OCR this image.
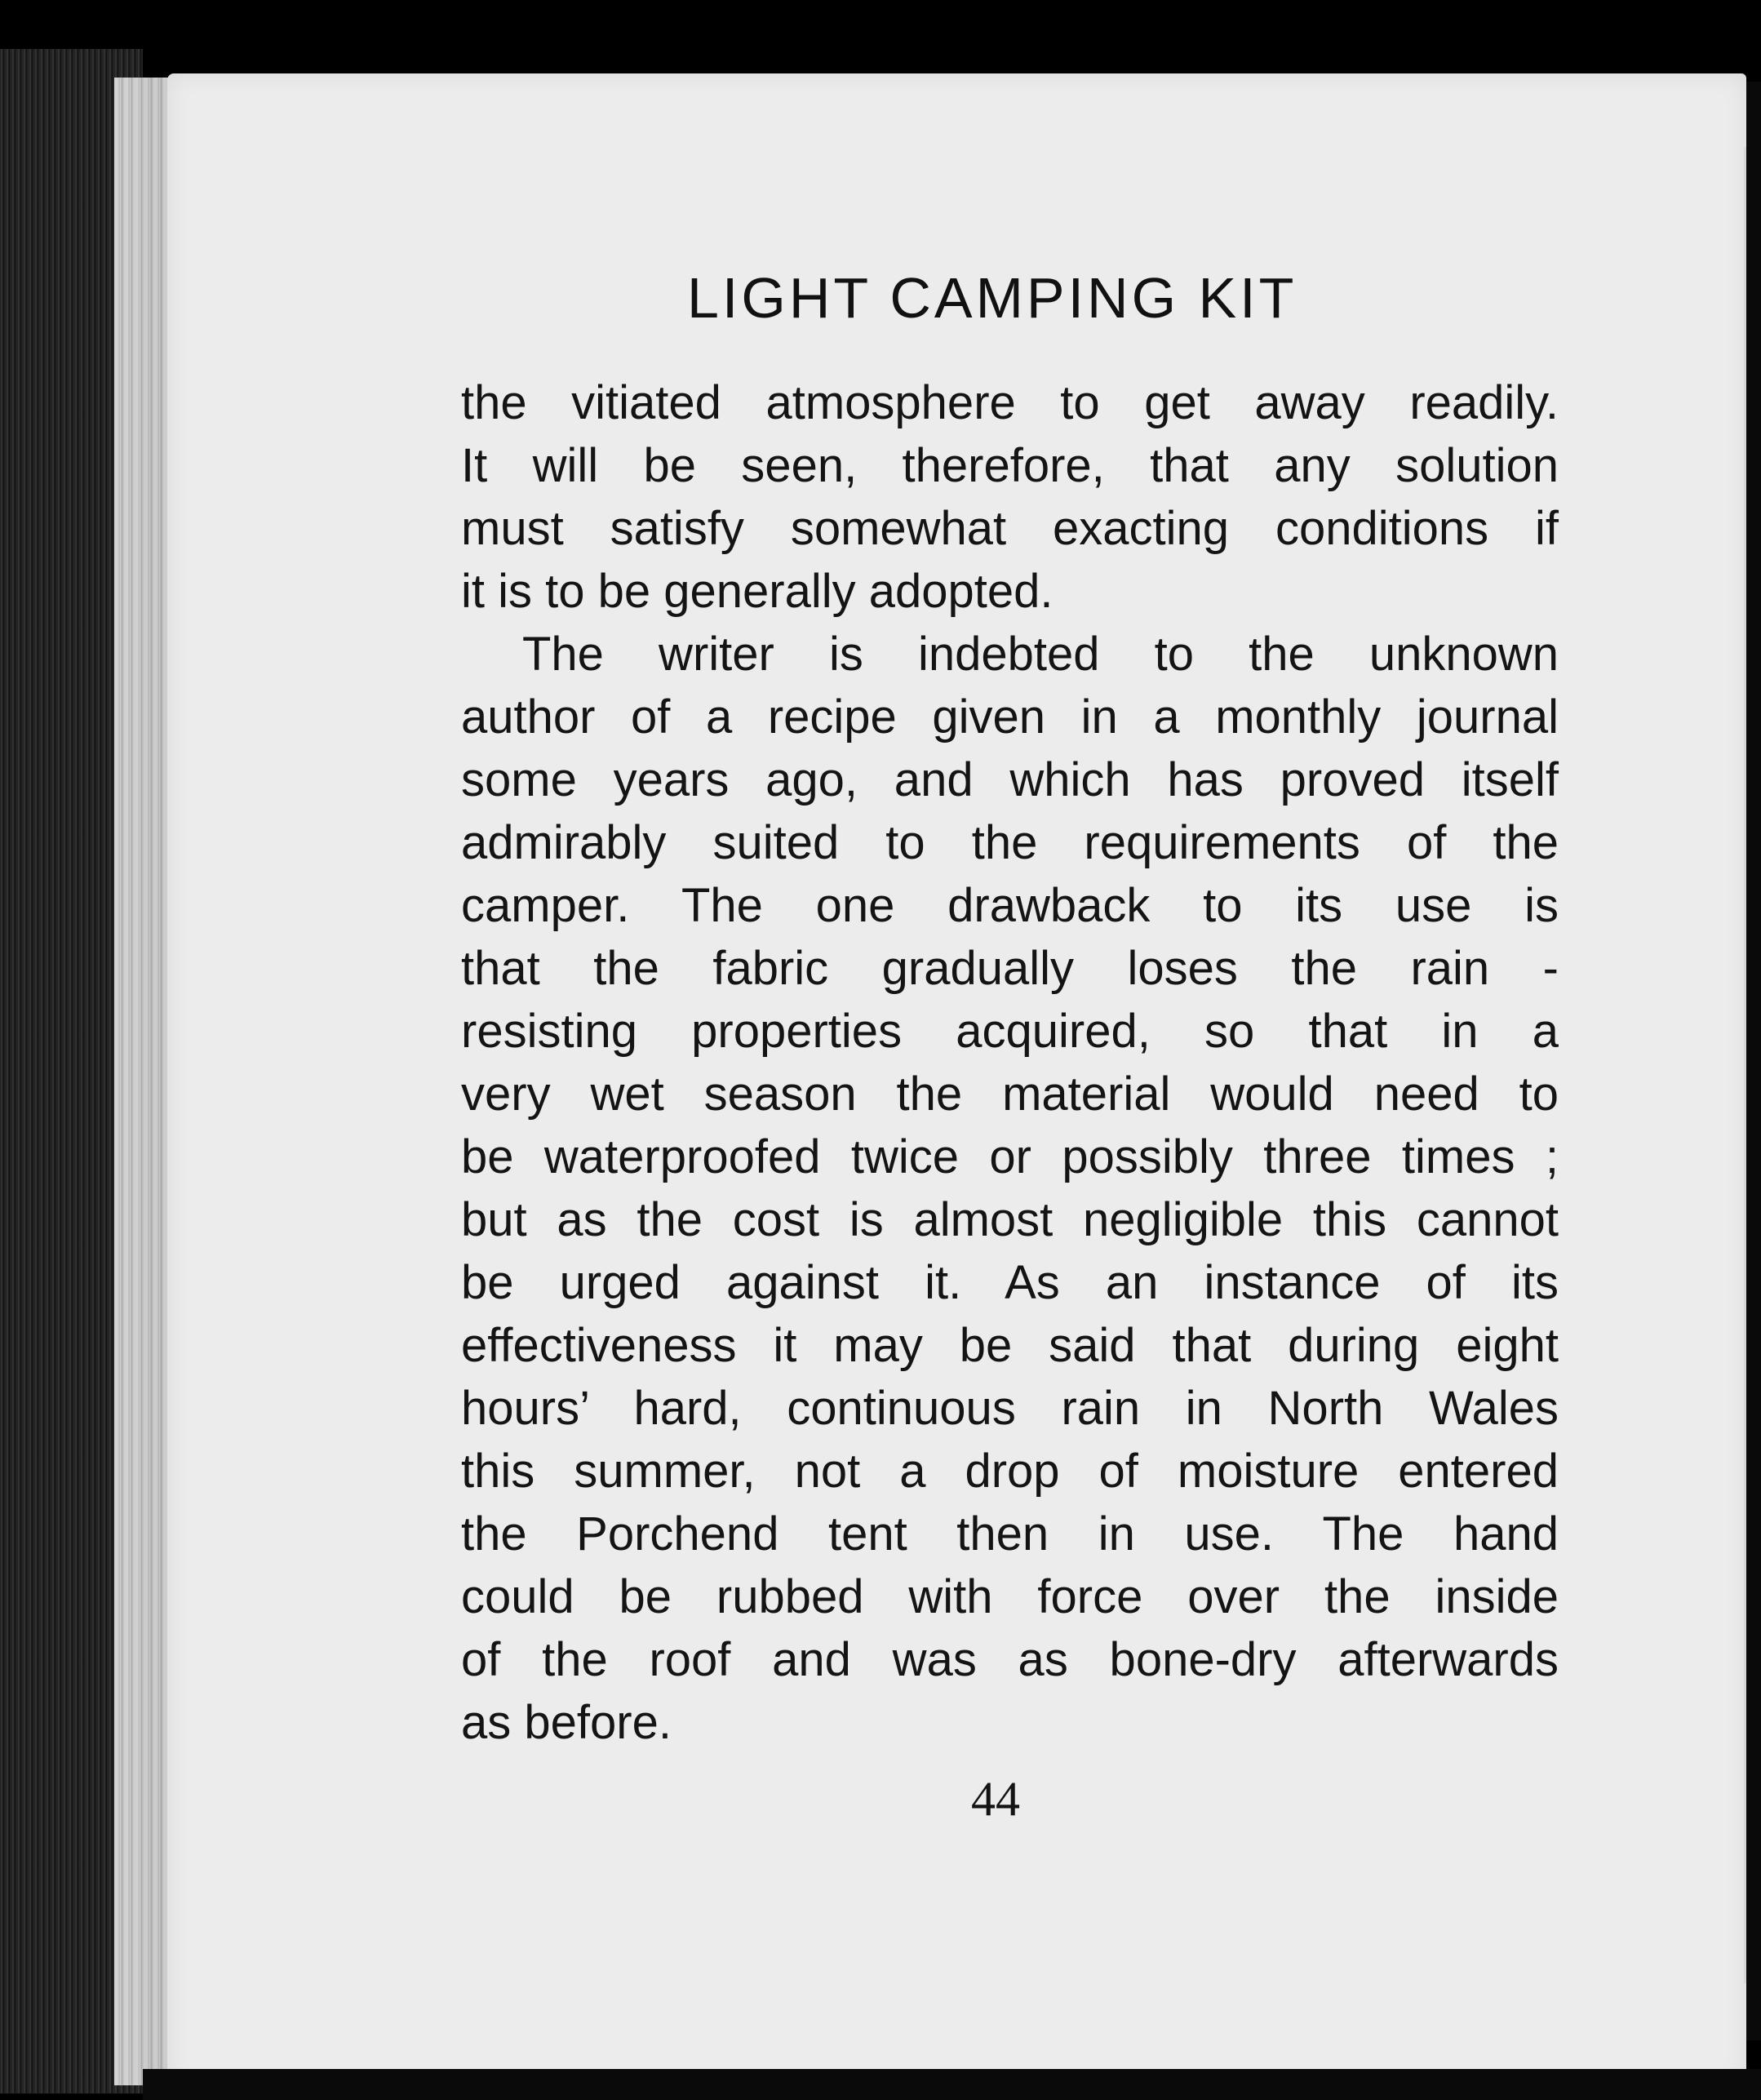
LIGHT CAMPING KIT
the vitiated atmosphere to get away readily.
It will be seen, therefore, that any solution
must satisfy somewhat exacting conditions if
it is to be generally adopted.
The writer is indebted to the unknown
author of a recipe given in a monthly journal
some years ago, and which has proved itself
admirably suited to the requirements of the
camper. The one drawback to its use is
that the fabric gradually loses the rain -
resisting properties acquired, so that in a
very wet season the material would need to
be waterproofed twice or possibly three times ;
but as the cost is almost negligible this cannot
be urged against it. As an instance of its
effectiveness it may be said that during eight
hours’ hard, continuous rain in North Wales
this summer, not a drop of moisture entered
the Porchend tent then in use. The hand
could be rubbed with force over the inside
of the roof and was as bone-dry afterwards
as before.
44
